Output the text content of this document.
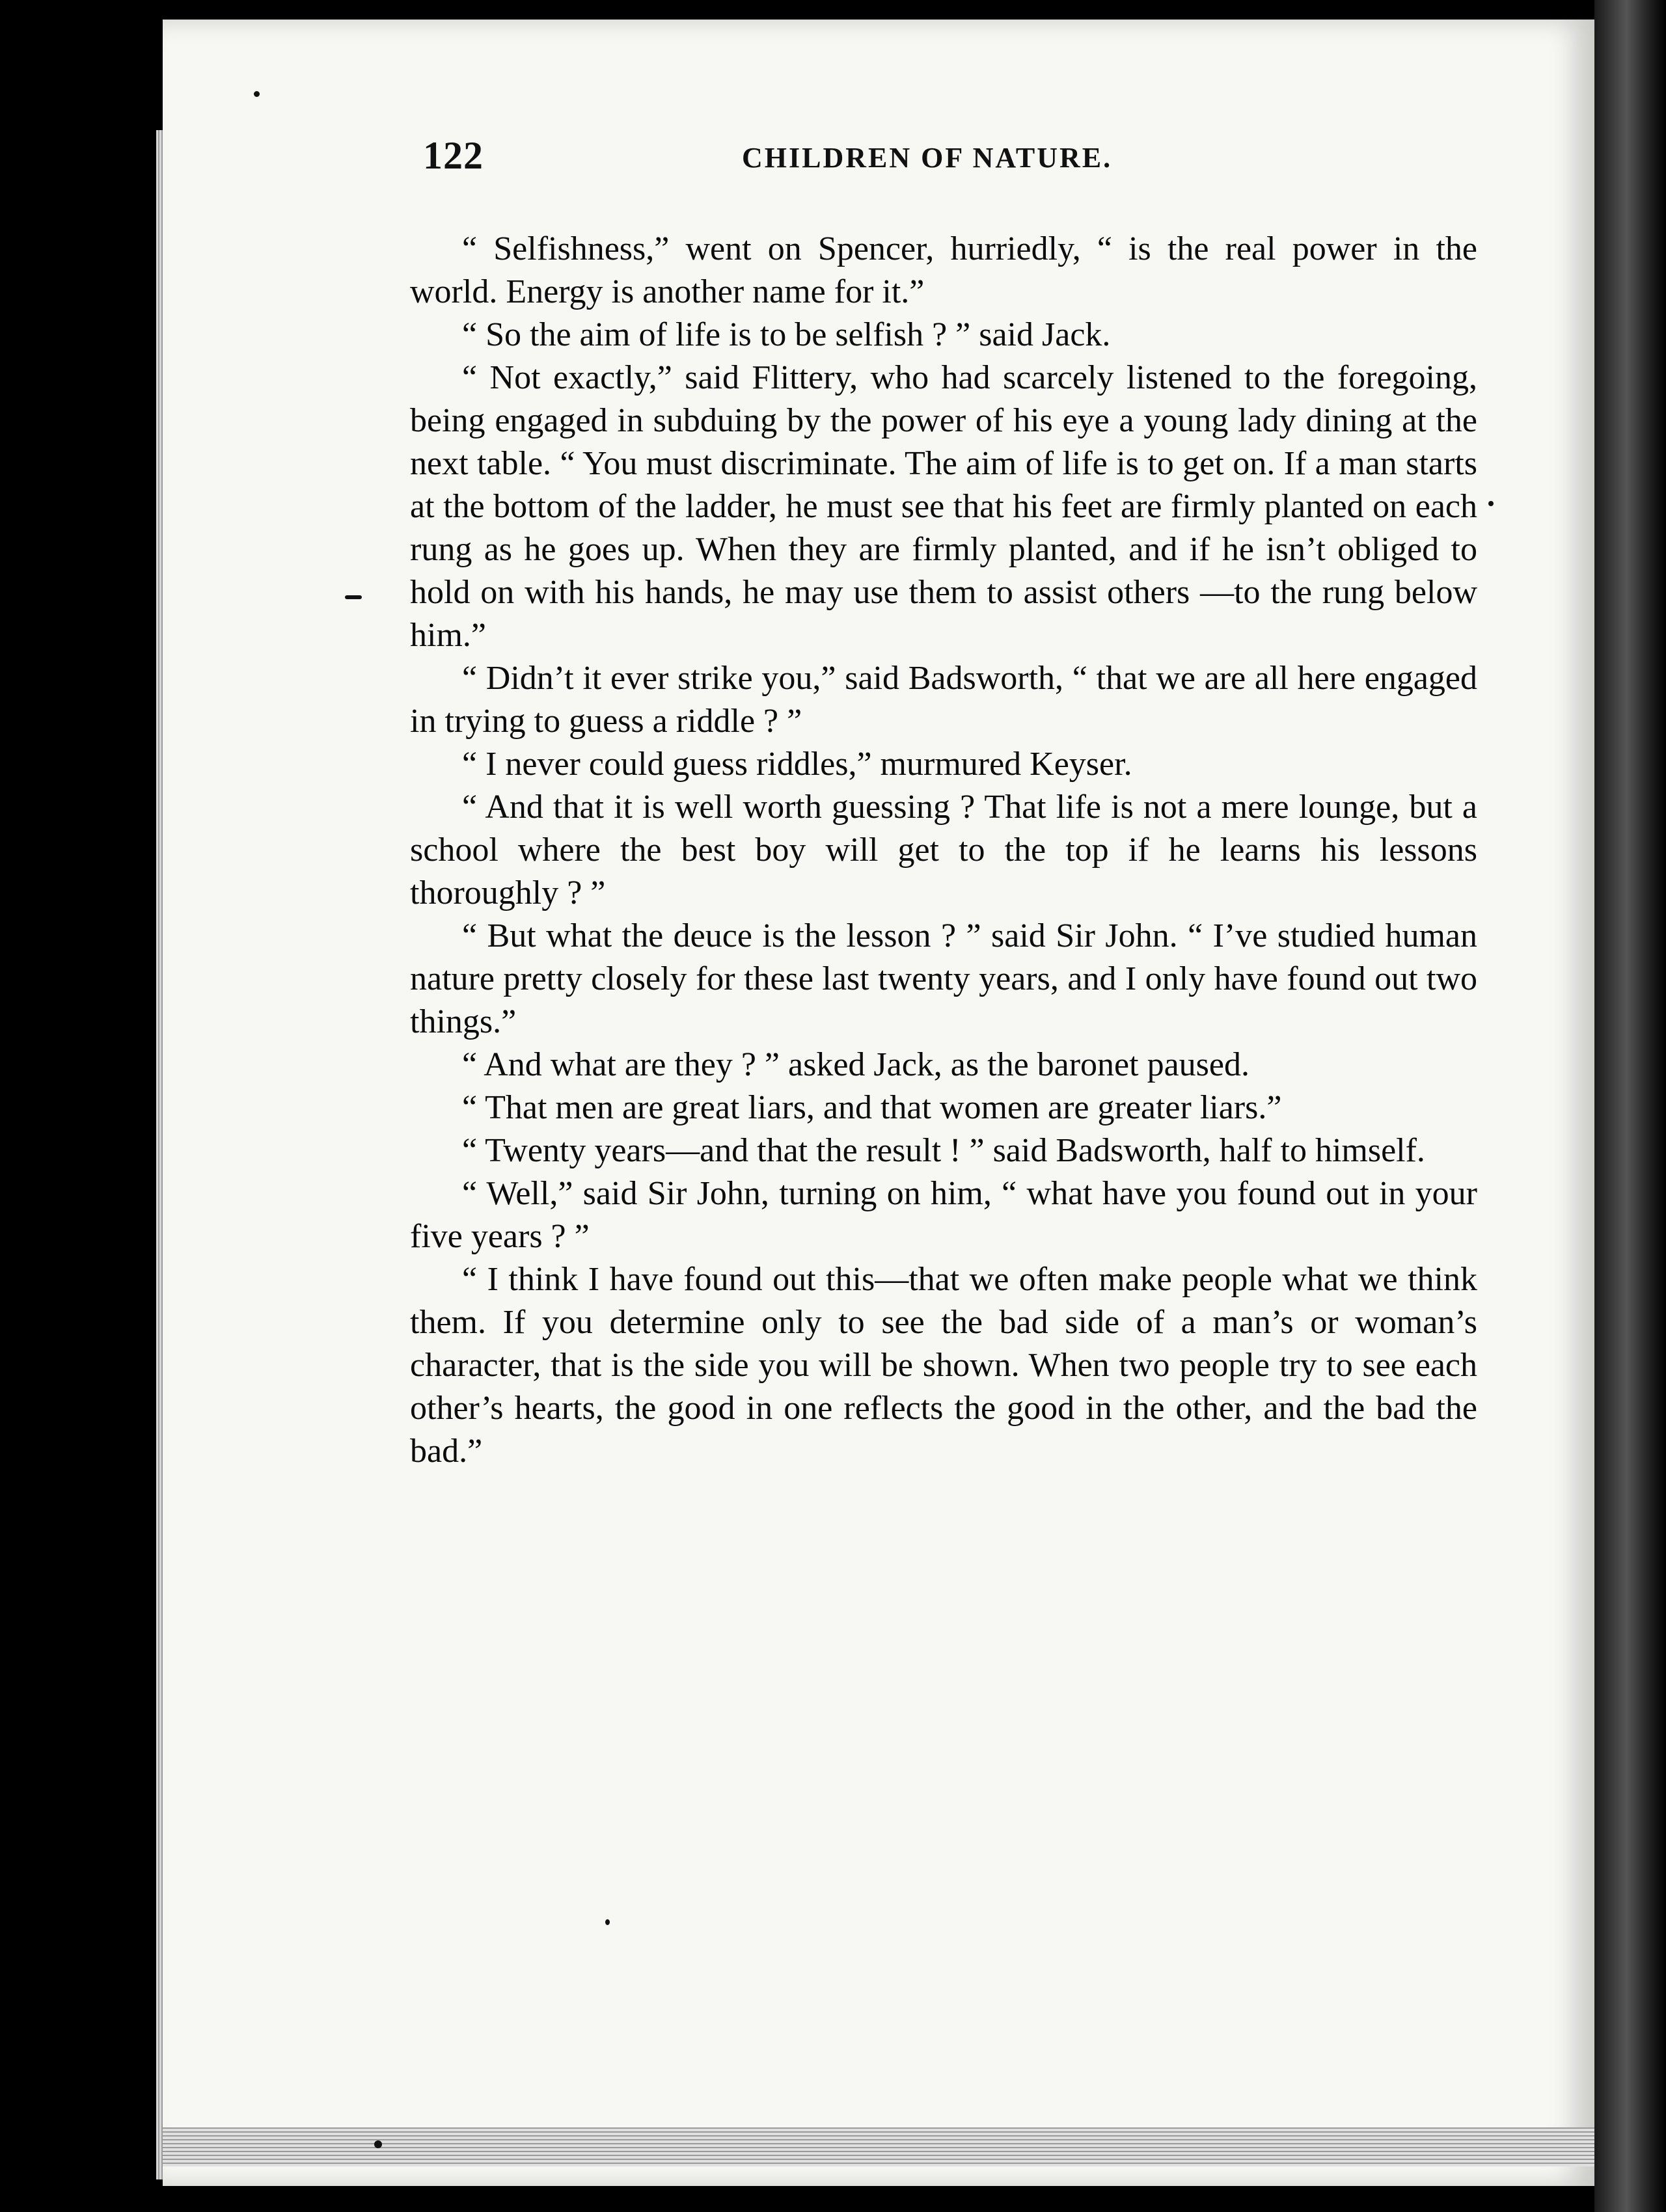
122	CHILDREN OF NATURE.

“ Selfishness,” went on Spencer, hurriedly, “ is the real power in the world. Energy is another name for it.”

“ So the aim of life is to be selfish ? ” said Jack.

“ Not exactly,” said Flittery, who had scarcely listened to the foregoing, being engaged in subduing by the power of his eye a young lady dining at the next table. “ You must discriminate. The aim of life is to get on. If a man starts at the bottom of the ladder, he must see that his feet are firmly planted on each rung as he goes up. When they are firmly planted, and if he isn’t obliged to hold on with his hands, he may use them to assist others —to the rung below him.”

“ Didn’t it ever strike you,” said Badsworth, “ that we are all here engaged in trying to guess a riddle ? ”

“ I never could guess riddles,” murmured Keyser.

“ And that it is well worth guessing ? That life is not a mere lounge, but a school where the best boy will get to the top if he learns his lessons thoroughly ? ”

“ But what the deuce is the lesson ? ” said Sir John. “ I’ve studied human nature pretty closely for these last twenty years, and I only have found out two things.”

“ And what are they ? ” asked Jack, as the baronet paused.

“ That men are great liars, and that women are greater liars.”

“ Twenty years—and that the result ! ” said Badsworth, half to himself.

“ Well,” said Sir John, turning on him, “ what have you found out in your five years ? ”

“ I think I have found out this—that we often make people what we think them. If you determine only to see the bad side of a man’s or woman’s character, that is the side you will be shown. When two people try to see each other’s hearts, the good in one reflects the good in the other, and the bad the bad.”
